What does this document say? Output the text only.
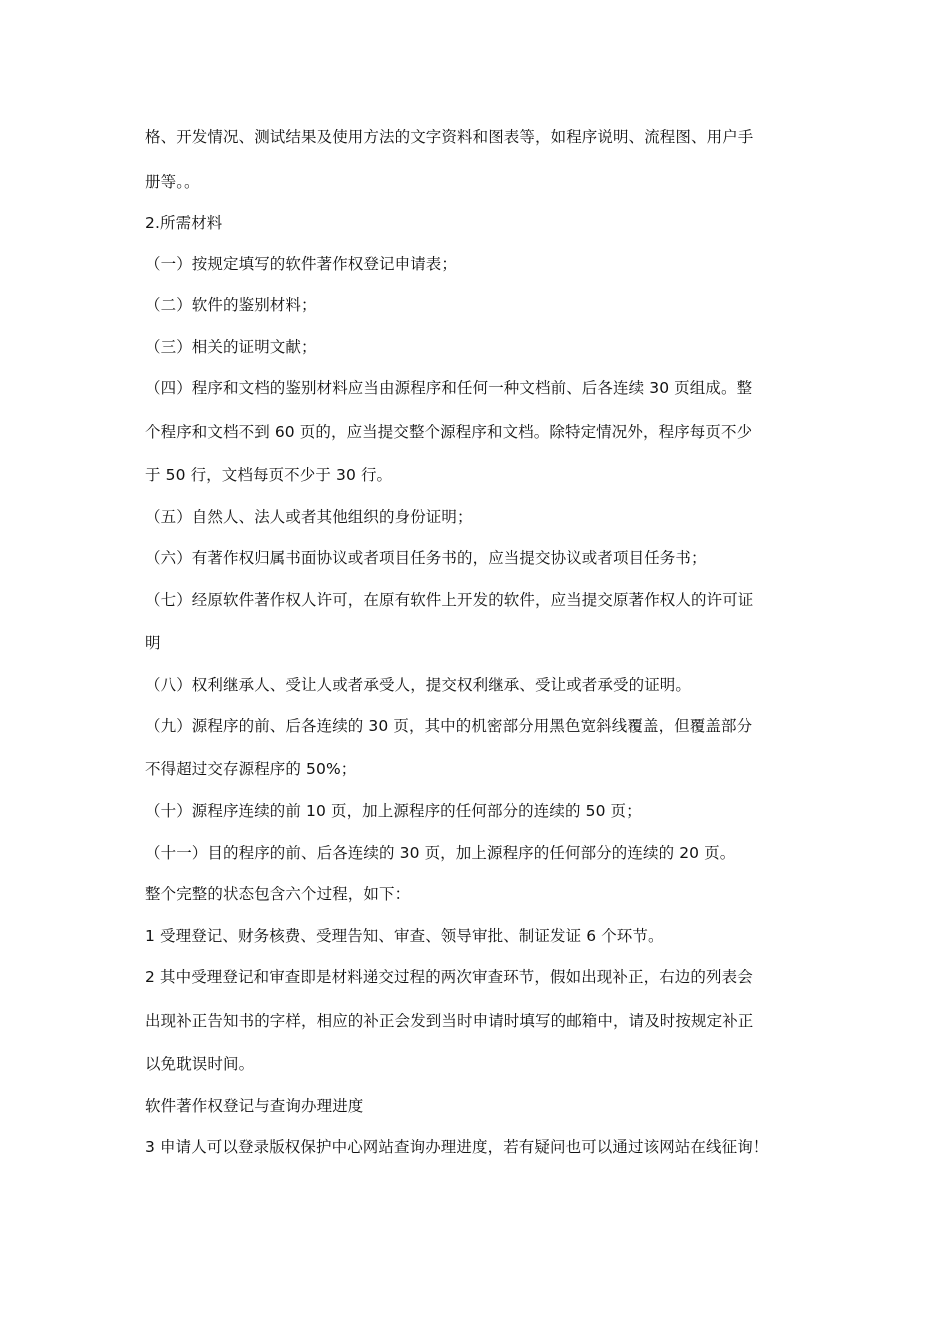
格、开发情况、测试结果及使用方法的文字资料和图表等，如程序说明、流程图、用户手
册等。。
2.所需材料
（一）按规定填写的软件著作权登记申请表；
（二）软件的鉴别材料；
（三）相关的证明文献；
（四）程序和文档的鉴别材料应当由源程序和任何一种文档前、后各连续 30 页组成。整
个程序和文档不到 60 页的，应当提交整个源程序和文档。除特定情况外，程序每页不少
于 50 行，文档每页不少于 30 行。
（五）自然人、法人或者其他组织的身份证明；
（六）有著作权归属书面协议或者项目任务书的，应当提交协议或者项目任务书；
（七）经原软件著作权人许可，在原有软件上开发的软件，应当提交原著作权人的许可证
明
（八）权利继承人、受让人或者承受人，提交权利继承、受让或者承受的证明。
（九）源程序的前、后各连续的 30 页，其中的机密部分用黑色宽斜线覆盖，但覆盖部分
不得超过交存源程序的 50%；
（十）源程序连续的前 10 页，加上源程序的任何部分的连续的 50 页；
（十一）目的程序的前、后各连续的 30 页，加上源程序的任何部分的连续的 20 页。
整个完整的状态包含六个过程，如下：
1 受理登记、财务核费、受理告知、审查、领导审批、制证发证 6 个环节。
2 其中受理登记和审查即是材料递交过程的两次审查环节，假如出现补正，右边的列表会
出现补正告知书的字样，相应的补正会发到当时申请时填写的邮箱中，请及时按规定补正
以免耽误时间。
软件著作权登记与查询办理进度
3 申请人可以登录版权保护中心网站查询办理进度，若有疑问也可以通过该网站在线征询！
